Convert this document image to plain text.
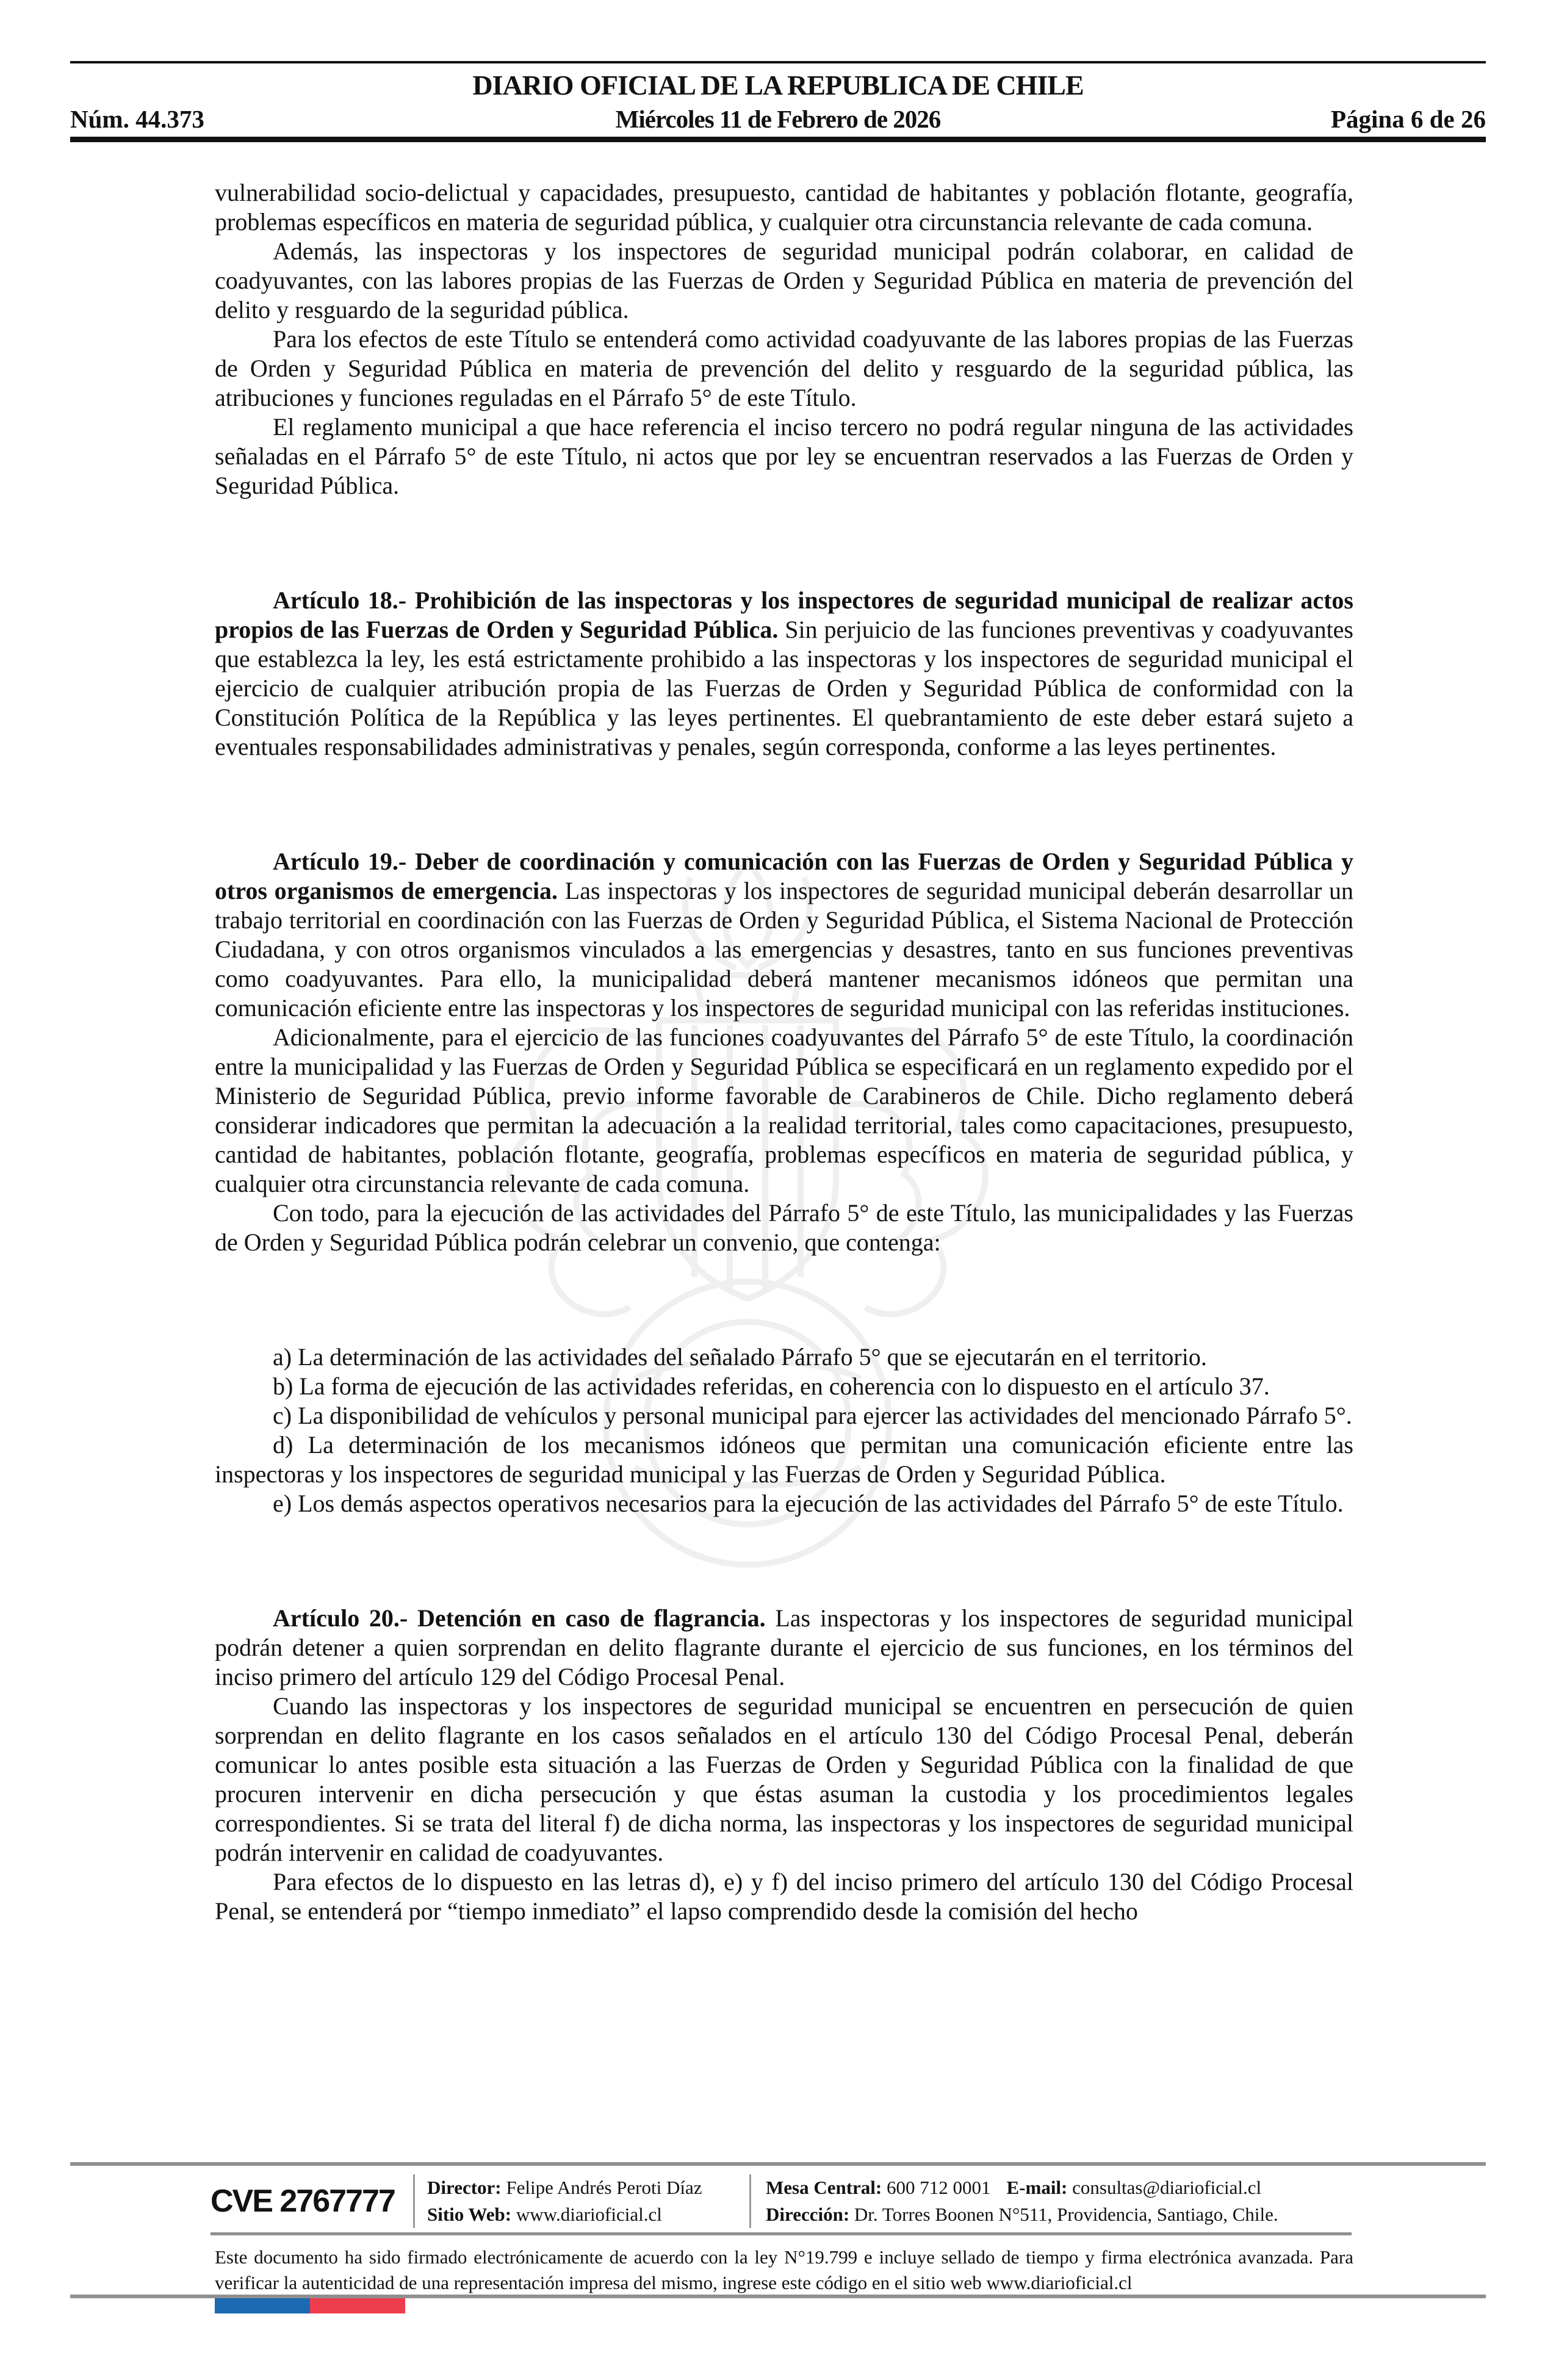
DIARIO OFICIAL DE LA REPUBLICA DE CHILE
Núm. 44.373	Miércoles 11 de Febrero de 2026	Página 6 de 26

vulnerabilidad socio-delictual y capacidades, presupuesto, cantidad de habitantes y población flotante, geografía, problemas específicos en materia de seguridad pública, y cualquier otra circunstancia relevante de cada comuna.

Además, las inspectoras y los inspectores de seguridad municipal podrán colaborar, en calidad de coadyuvantes, con las labores propias de las Fuerzas de Orden y Seguridad Pública en materia de prevención del delito y resguardo de la seguridad pública.

Para los efectos de este Título se entenderá como actividad coadyuvante de las labores propias de las Fuerzas de Orden y Seguridad Pública en materia de prevención del delito y resguardo de la seguridad pública, las atribuciones y funciones reguladas en el Párrafo 5° de este Título.

El reglamento municipal a que hace referencia el inciso tercero no podrá regular ninguna de las actividades señaladas en el Párrafo 5° de este Título, ni actos que por ley se encuentran reservados a las Fuerzas de Orden y Seguridad Pública.

Artículo 18.- Prohibición de las inspectoras y los inspectores de seguridad municipal de realizar actos propios de las Fuerzas de Orden y Seguridad Pública. Sin perjuicio de las funciones preventivas y coadyuvantes que establezca la ley, les está estrictamente prohibido a las inspectoras y los inspectores de seguridad municipal el ejercicio de cualquier atribución propia de las Fuerzas de Orden y Seguridad Pública de conformidad con la Constitución Política de la República y las leyes pertinentes. El quebrantamiento de este deber estará sujeto a eventuales responsabilidades administrativas y penales, según corresponda, conforme a las leyes pertinentes.

Artículo 19.- Deber de coordinación y comunicación con las Fuerzas de Orden y Seguridad Pública y otros organismos de emergencia. Las inspectoras y los inspectores de seguridad municipal deberán desarrollar un trabajo territorial en coordinación con las Fuerzas de Orden y Seguridad Pública, el Sistema Nacional de Protección Ciudadana, y con otros organismos vinculados a las emergencias y desastres, tanto en sus funciones preventivas como coadyuvantes. Para ello, la municipalidad deberá mantener mecanismos idóneos que permitan una comunicación eficiente entre las inspectoras y los inspectores de seguridad municipal con las referidas instituciones.

Adicionalmente, para el ejercicio de las funciones coadyuvantes del Párrafo 5° de este Título, la coordinación entre la municipalidad y las Fuerzas de Orden y Seguridad Pública se especificará en un reglamento expedido por el Ministerio de Seguridad Pública, previo informe favorable de Carabineros de Chile. Dicho reglamento deberá considerar indicadores que permitan la adecuación a la realidad territorial, tales como capacitaciones, presupuesto, cantidad de habitantes, población flotante, geografía, problemas específicos en materia de seguridad pública, y cualquier otra circunstancia relevante de cada comuna.

Con todo, para la ejecución de las actividades del Párrafo 5° de este Título, las municipalidades y las Fuerzas de Orden y Seguridad Pública podrán celebrar un convenio, que contenga:

a) La determinación de las actividades del señalado Párrafo 5° que se ejecutarán en el territorio.

b) La forma de ejecución de las actividades referidas, en coherencia con lo dispuesto en el artículo 37.

c) La disponibilidad de vehículos y personal municipal para ejercer las actividades del mencionado Párrafo 5°.

d) La determinación de los mecanismos idóneos que permitan una comunicación eficiente entre las inspectoras y los inspectores de seguridad municipal y las Fuerzas de Orden y Seguridad Pública.

e) Los demás aspectos operativos necesarios para la ejecución de las actividades del Párrafo 5° de este Título.

Artículo 20.- Detención en caso de flagrancia. Las inspectoras y los inspectores de seguridad municipal podrán detener a quien sorprendan en delito flagrante durante el ejercicio de sus funciones, en los términos del inciso primero del artículo 129 del Código Procesal Penal.

Cuando las inspectoras y los inspectores de seguridad municipal se encuentren en persecución de quien sorprendan en delito flagrante en los casos señalados en el artículo 130 del Código Procesal Penal, deberán comunicar lo antes posible esta situación a las Fuerzas de Orden y Seguridad Pública con la finalidad de que procuren intervenir en dicha persecución y que éstas asuman la custodia y los procedimientos legales correspondientes. Si se trata del literal f) de dicha norma, las inspectoras y los inspectores de seguridad municipal podrán intervenir en calidad de coadyuvantes.

Para efectos de lo dispuesto en las letras d), e) y f) del inciso primero del artículo 130 del Código Procesal Penal, se entenderá por “tiempo inmediato” el lapso comprendido desde la comisión del hecho

CVE 2767777	Director: Felipe Andrés Peroti Díaz
Sitio Web: www.diarioficial.cl
Mesa Central: 600 712 0001 E-mail: consultas@diarioficial.cl
Dirección: Dr. Torres Boonen N°511, Providencia, Santiago, Chile.
Este documento ha sido firmado electrónicamente de acuerdo con la ley N°19.799 e incluye sellado de tiempo y firma electrónica avanzada. Para verificar la autenticidad de una representación impresa del mismo, ingrese este código en el sitio web www.diarioficial.cl
